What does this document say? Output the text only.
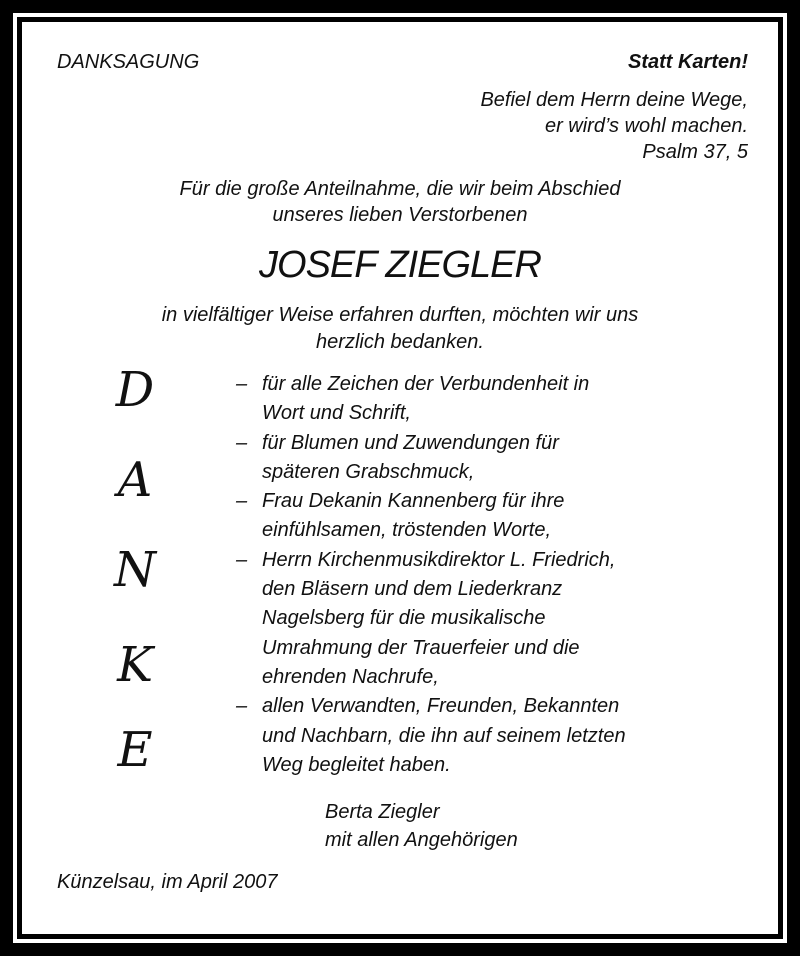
DANKSAGUNG	Statt Karten!
Befiel dem Herrn deine Wege,
er wird’s wohl machen.
Psalm 37, 5
Für die große Anteilnahme, die wir beim Abschied
unseres lieben Verstorbenen
JOSEF ZIEGLER
in vielfältiger Weise erfahren durften, möchten wir uns
herzlich bedanken.
D
A
N
K
E
– für alle Zeichen der Verbundenheit in
Wort und Schrift,
– für Blumen und Zuwendungen für
späteren Grabschmuck,
– Frau Dekanin Kannenberg für ihre
einfühlsamen, tröstenden Worte,
– Herrn Kirchenmusikdirektor L. Friedrich,
den Bläsern und dem Liederkranz
Nagelsberg für die musikalische
Umrahmung der Trauerfeier und die
ehrenden Nachrufe,
– allen Verwandten, Freunden, Bekannten
und Nachbarn, die ihn auf seinem letzten
Weg begleitet haben.
Berta Ziegler
mit allen Angehörigen
Künzelsau, im April 2007
